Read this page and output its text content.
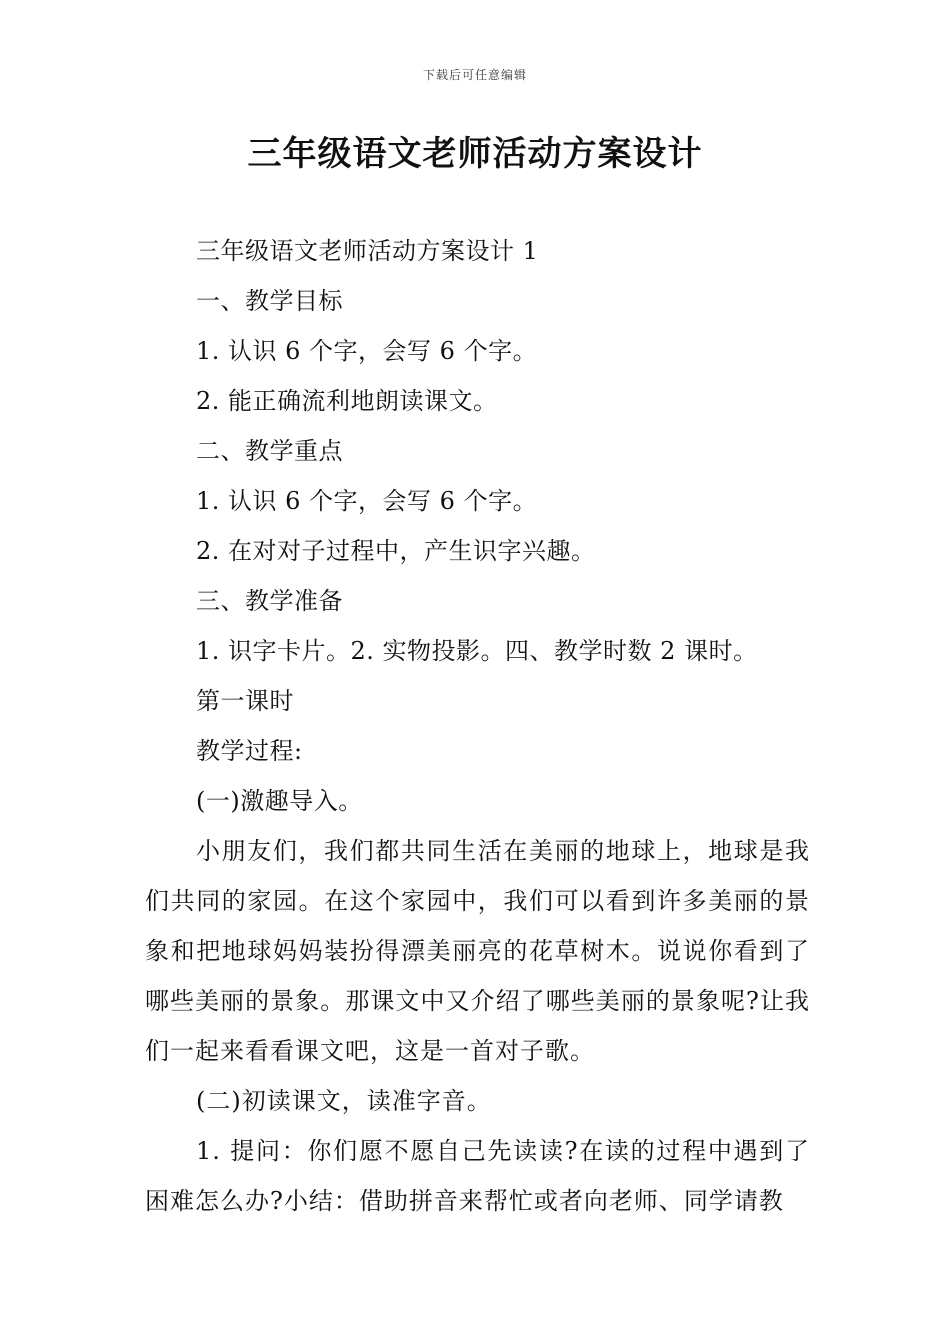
下载后可任意编辑
三年级语文老师活动方案设计
三年级语文老师活动方案设计 1
一、教学目标
1. 认识 6 个字，会写 6 个字。
2. 能正确流利地朗读课文。
二、教学重点
1. 认识 6 个字，会写 6 个字。
2. 在对对子过程中，产生识字兴趣。
三、教学准备
1. 识字卡片。2. 实物投影。四、教学时数 2 课时。
第一课时
教学过程:
(一)激趣导入。

小朋友们，我们都共同生活在美丽的地球上，地球是我们共同的家园。在这个家园中，我们可以看到许多美丽的景象和把地球妈妈装扮得漂美丽亮的花草树木。说说你看到了哪些美丽的景象。那课文中又介绍了哪些美丽的景象呢?让我们一起来看看课文吧，这是一首对子歌。

(二)初读课文，读准字音。

1. 提问：你们愿不愿自己先读读?在读的过程中遇到了困难怎么办?小结：借助拼音来帮忙或者向老师、同学请教
